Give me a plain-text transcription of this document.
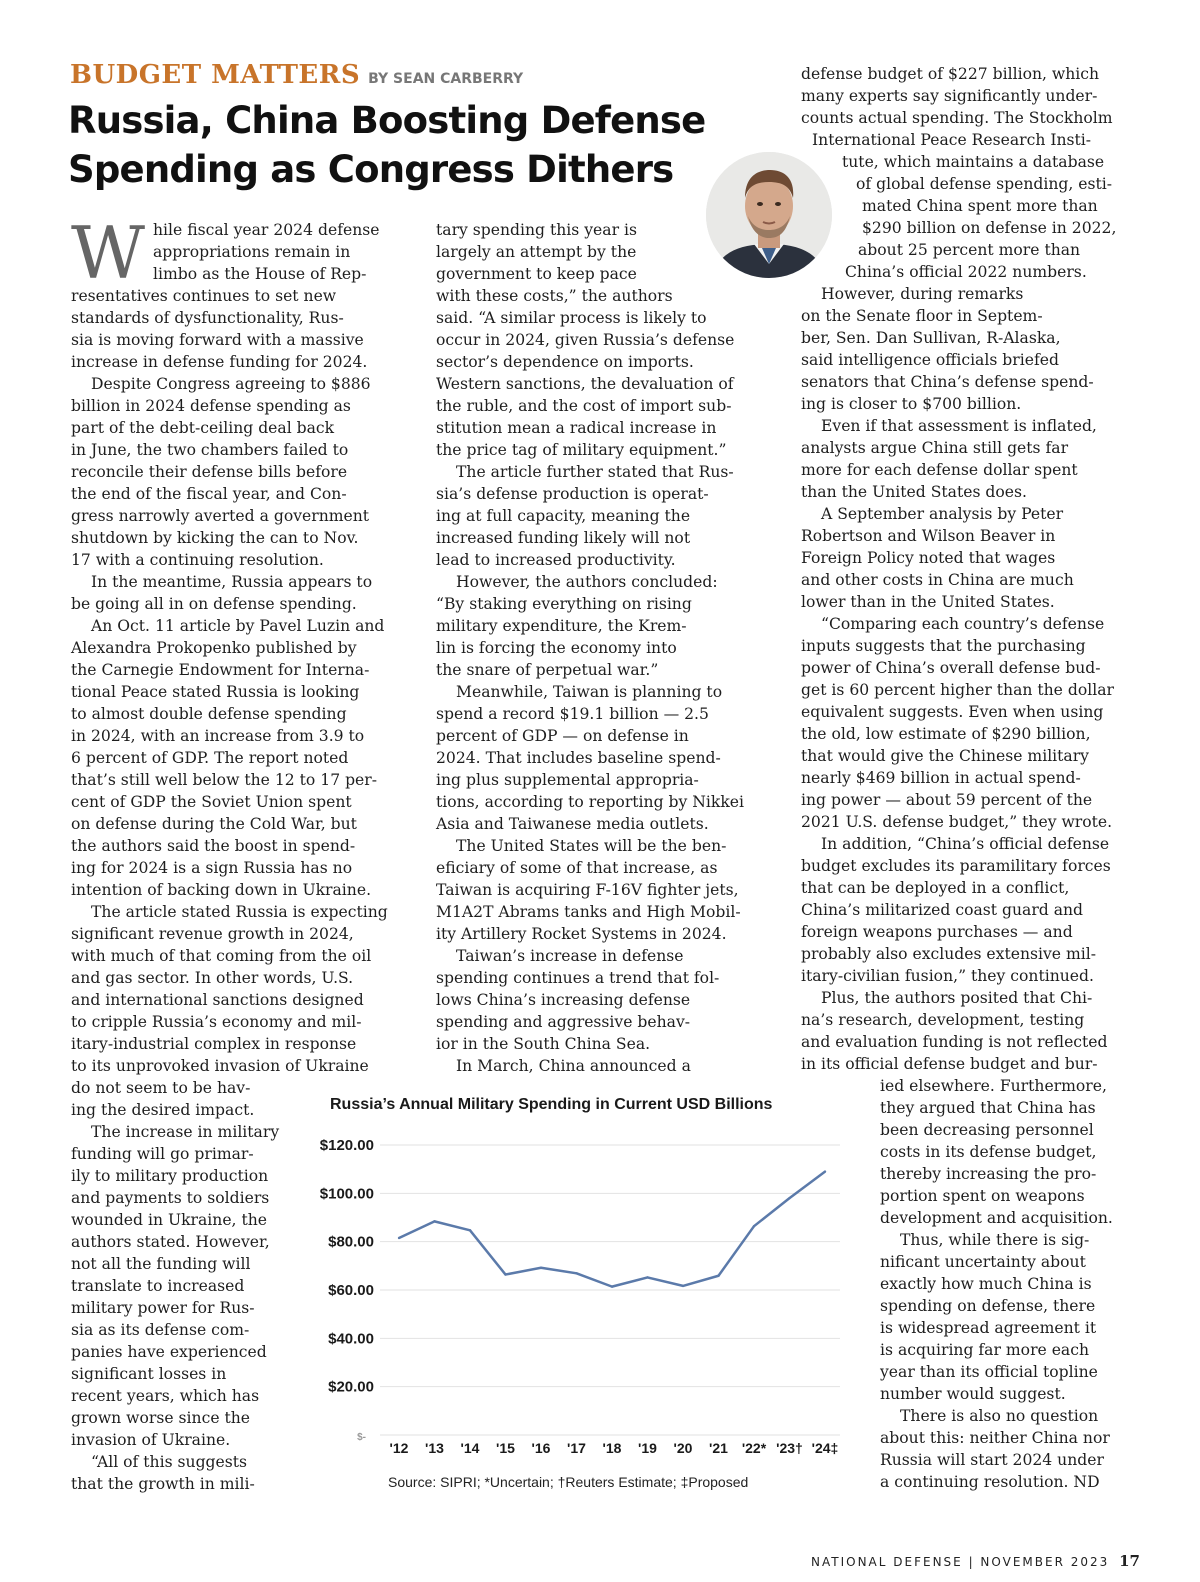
BUDGET MATTERS BY SEAN CARBERRY
Russia, China Boosting Defense Spending as Congress Dithers
W hile fiscal year 2024 defense
appropriations remain in
limbo as the House of Rep-
resentatives continues to set new
standards of dysfunctionality, Rus-
sia is moving forward with a massive
increase in defense funding for 2024.
Despite Congress agreeing to $886
billion in 2024 defense spending as
part of the debt-ceiling deal back
in June, the two chambers failed to
reconcile their defense bills before
the end of the fiscal year, and Con-
gress narrowly averted a government
shutdown by kicking the can to Nov.
17 with a continuing resolution.
In the meantime, Russia appears to
be going all in on defense spending.
An Oct. 11 article by Pavel Luzin and
Alexandra Prokopenko published by
the Carnegie Endowment for Interna-
tional Peace stated Russia is looking
to almost double defense spending
in 2024, with an increase from 3.9 to
6 percent of GDP. The report noted
that’s still well below the 12 to 17 per-
cent of GDP the Soviet Union spent
on defense during the Cold War, but
the authors said the boost in spend-
ing for 2024 is a sign Russia has no
intention of backing down in Ukraine.
The article stated Russia is expecting
significant revenue growth in 2024,
with much of that coming from the oil
and gas sector. In other words, U.S.
and international sanctions designed
to cripple Russia’s economy and mil-
itary-industrial complex in response
to its unprovoked invasion of Ukraine
do not seem to be hav-
ing the desired impact.
The increase in military
funding will go primar-
ily to military production
and payments to soldiers
wounded in Ukraine, the
authors stated. However,
not all the funding will
translate to increased
military power for Rus-
sia as its defense com-
panies have experienced
significant losses in
recent years, which has
grown worse since the
invasion of Ukraine.
“All of this suggests
that the growth in mili-
tary spending this year is
largely an attempt by the
government to keep pace
with these costs,” the authors
said. “A similar process is likely to
occur in 2024, given Russia’s defense
sector’s dependence on imports.
Western sanctions, the devaluation of
the ruble, and the cost of import sub-
stitution mean a radical increase in
the price tag of military equipment.”
The article further stated that Rus-
sia’s defense production is operat-
ing at full capacity, meaning the
increased funding likely will not
lead to increased productivity.
However, the authors concluded:
“By staking everything on rising
military expenditure, the Krem-
lin is forcing the economy into
the snare of perpetual war.”
Meanwhile, Taiwan is planning to
spend a record $19.1 billion — 2.5
percent of GDP — on defense in
2024. That includes baseline spend-
ing plus supplemental appropria-
tions, according to reporting by Nikkei
Asia and Taiwanese media outlets.
The United States will be the ben-
eficiary of some of that increase, as
Taiwan is acquiring F-16V fighter jets,
M1A2T Abrams tanks and High Mobil-
ity Artillery Rocket Systems in 2024.
Taiwan’s increase in defense
spending continues a trend that fol-
lows China’s increasing defense
spending and aggressive behav-
ior in the South China Sea.
In March, China announced a
defense budget of $227 billion, which
many experts say significantly under-
counts actual spending. The Stockholm
International Peace Research Insti-
tute, which maintains a database
of global defense spending, esti-
mated China spent more than
$290 billion on defense in 2022,
about 25 percent more than
China’s official 2022 numbers.
However, during remarks
on the Senate floor in Septem-
ber, Sen. Dan Sullivan, R-Alaska,
said intelligence officials briefed
senators that China’s defense spend-
ing is closer to $700 billion.
Even if that assessment is inflated,
analysts argue China still gets far
more for each defense dollar spent
than the United States does.
A September analysis by Peter
Robertson and Wilson Beaver in
Foreign Policy noted that wages
and other costs in China are much
lower than in the United States.
“Comparing each country’s defense
inputs suggests that the purchasing
power of China’s overall defense bud-
get is 60 percent higher than the dollar
equivalent suggests. Even when using
the old, low estimate of $290 billion,
that would give the Chinese military
nearly $469 billion in actual spend-
ing power — about 59 percent of the
2021 U.S. defense budget,” they wrote.
In addition, “China’s official defense
budget excludes its paramilitary forces
that can be deployed in a conflict,
China’s militarized coast guard and
foreign weapons purchases — and
probably also excludes extensive mil-
itary-civilian fusion,” they continued.
Plus, the authors posited that Chi-
na’s research, development, testing
and evaluation funding is not reflected
in its official defense budget and bur-
ied elsewhere. Furthermore,
they argued that China has
been decreasing personnel
costs in its defense budget,
thereby increasing the pro-
portion spent on weapons
development and acquisition.
Thus, while there is sig-
nificant uncertainty about
exactly how much China is
spending on defense, there
is widespread agreement it
is acquiring far more each
year than its official topline
number would suggest.
There is also no question
about this: neither China nor
Russia will start 2024 under
a continuing resolution. ND
Russia’s Annual Military Spending in Current USD Billions
$120.00
$100.00
$80.00
$60.00
$40.00
$20.00
$-
'12 '13 '14 '15 '16 '17 '18 '19 '20 '21 '22* '23† '24‡
Source: SIPRI; *Uncertain; †Reuters Estimate; ‡Proposed
NATIONAL DEFENSE | NOVEMBER 2023 17
